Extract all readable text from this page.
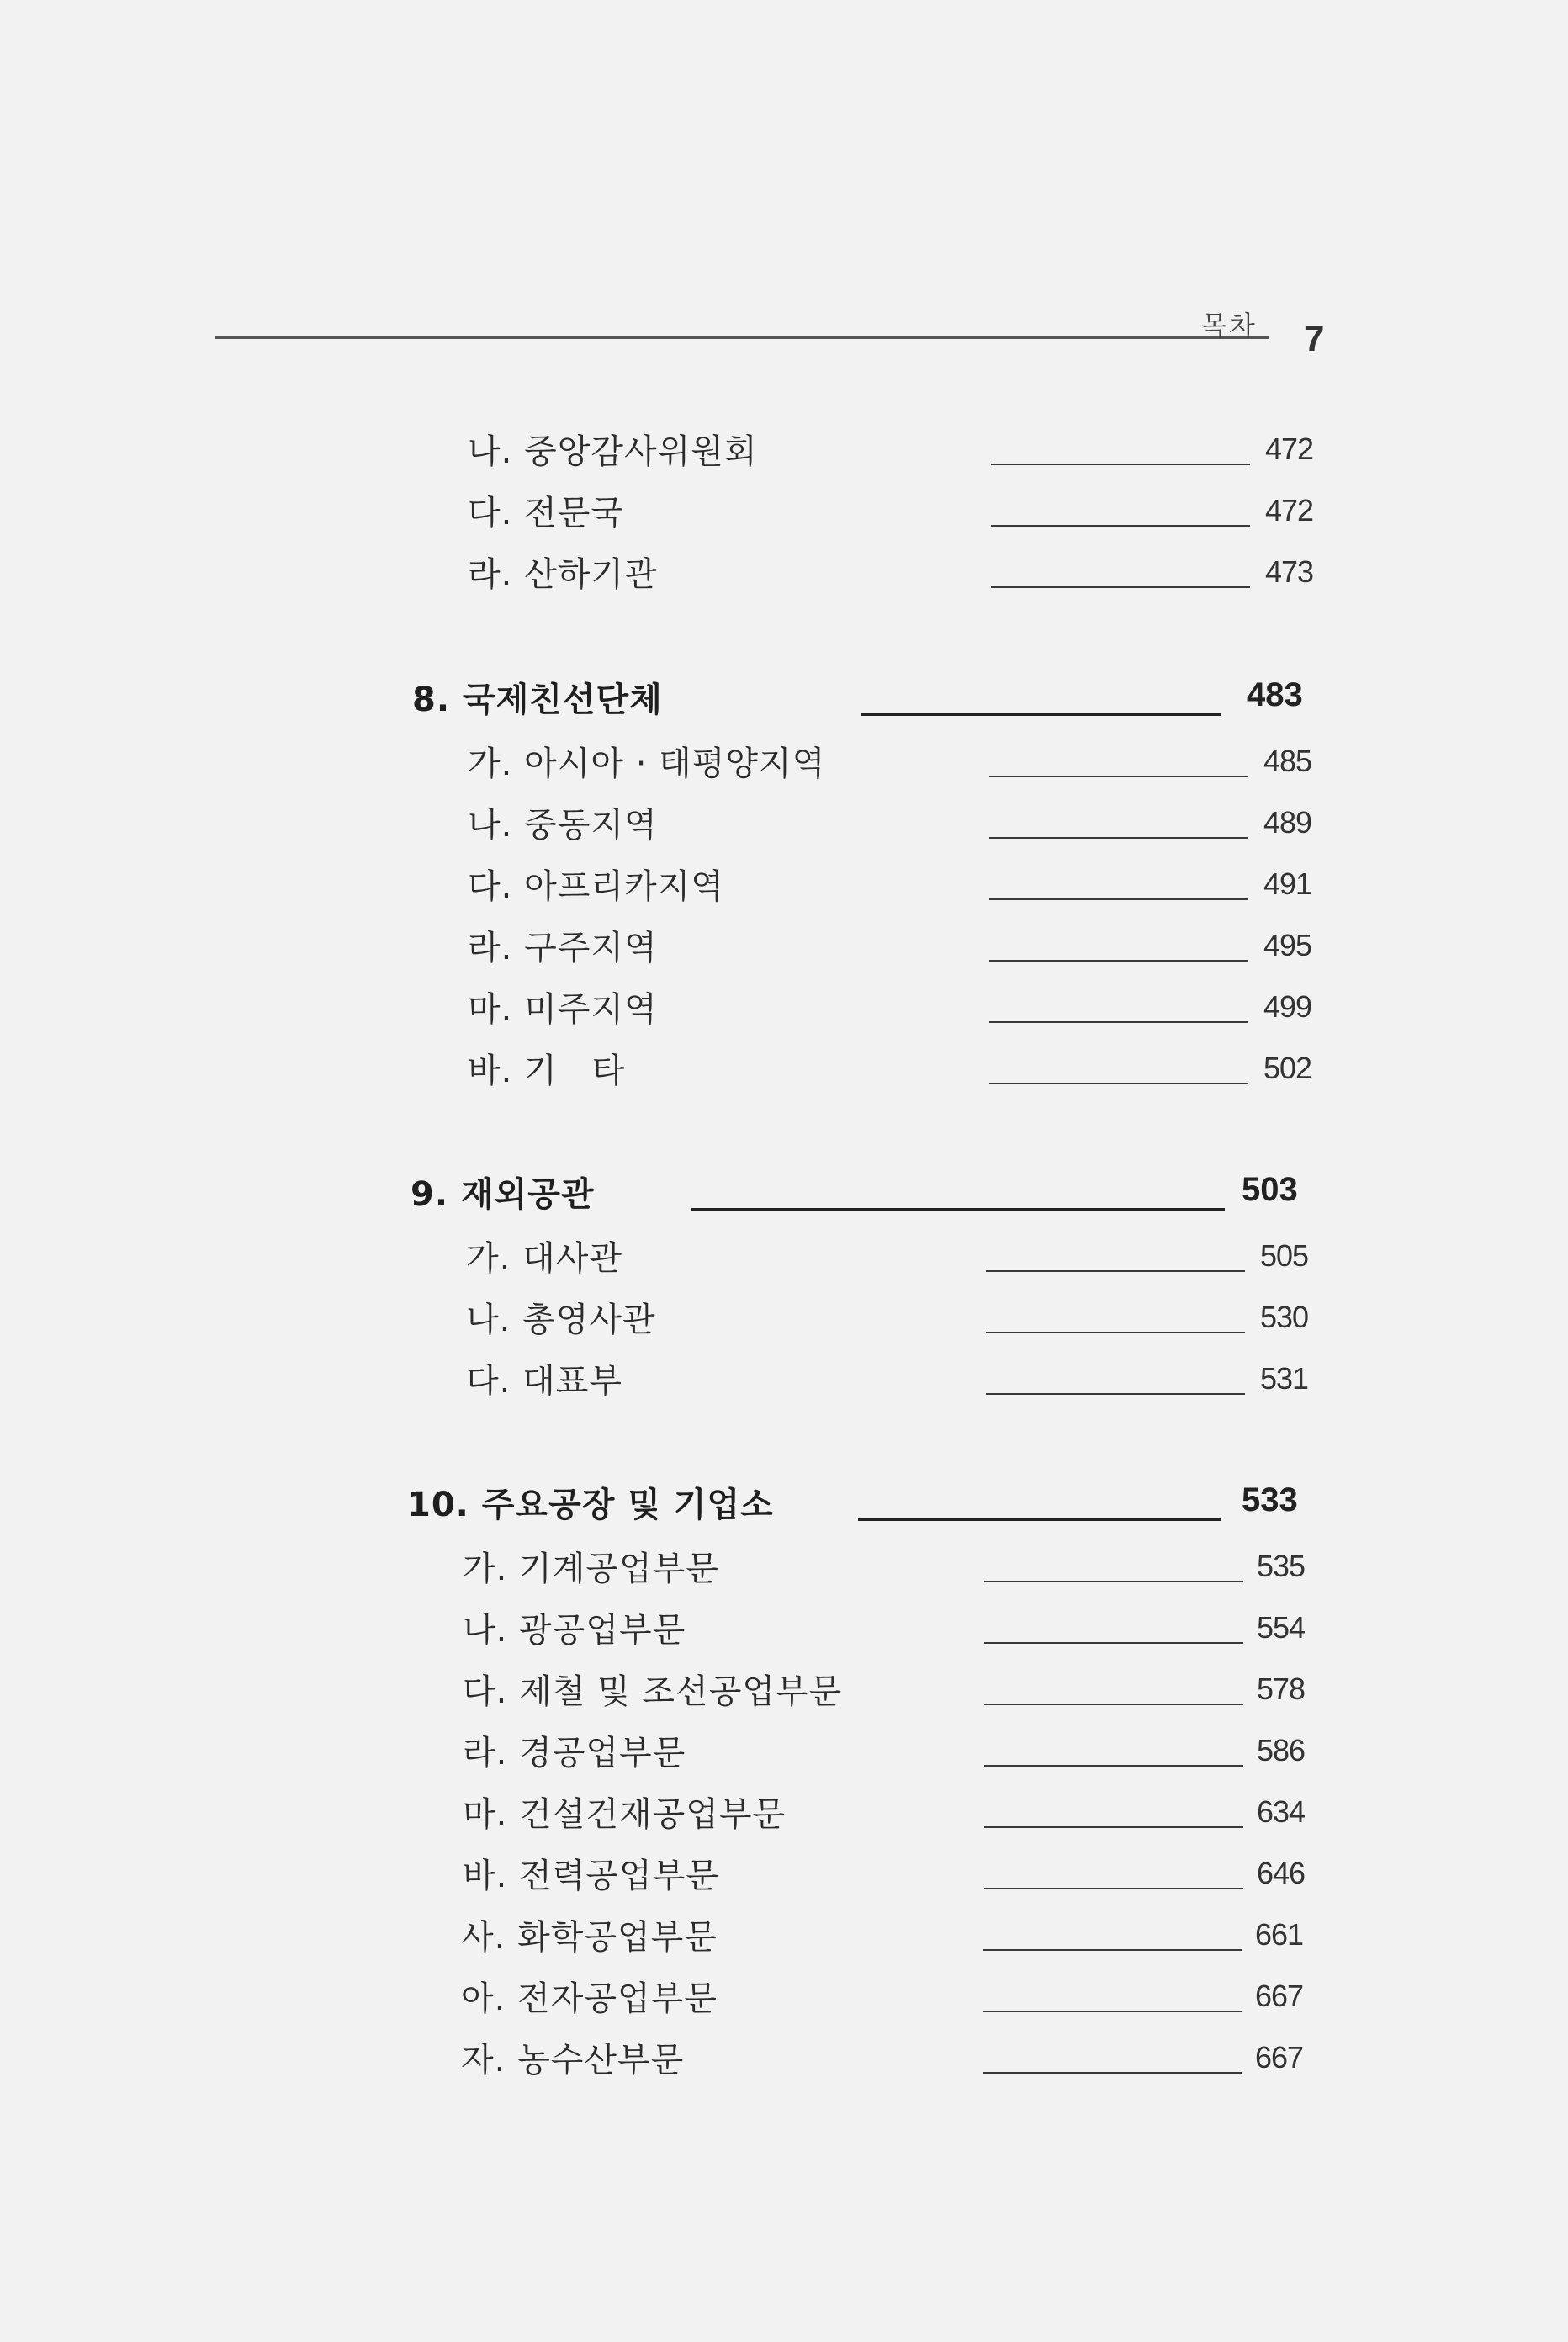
목차 7
나. 중앙감사위원회	472
다. 전문국	472
라. 산하기관	473
8. 국제친선단체	483
가. 아시아 · 태평양지역	485
나. 중동지역	489
다. 아프리카지역	491
라. 구주지역	495
마. 미주지역	499
바. 기　타	502
9. 재외공관	503
가. 대사관	505
나. 총영사관	530
다. 대표부	531
10. 주요공장 및 기업소	533
가. 기계공업부문	535
나. 광공업부문	554
다. 제철 및 조선공업부문	578
라. 경공업부문	586
마. 건설건재공업부문	634
바. 전력공업부문	646
사. 화학공업부문	661
아. 전자공업부문	667
자. 농수산부문	667
